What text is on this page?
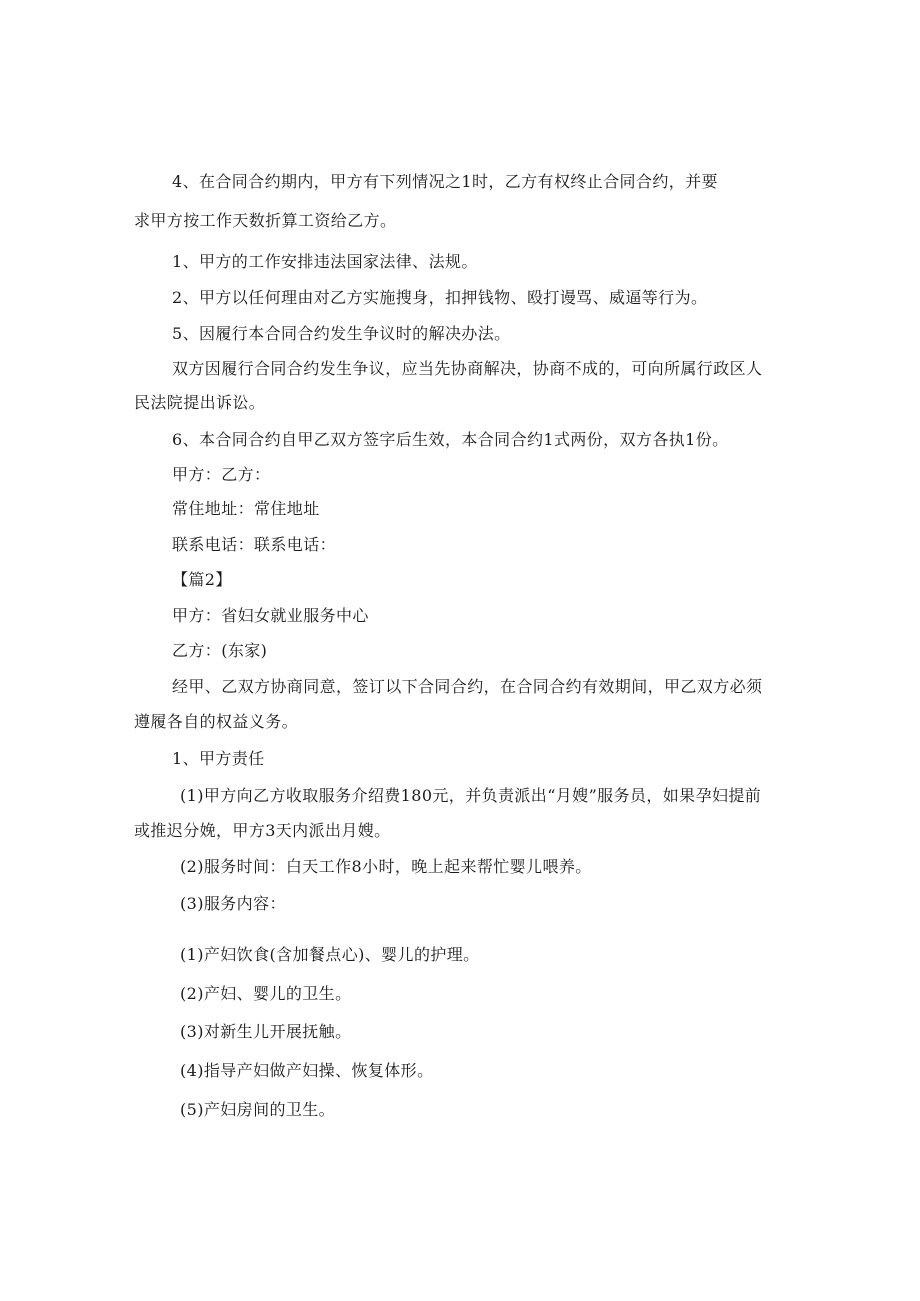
4、在合同合约期内，甲方有下列情况之1时，乙方有权终止合同合约，并要
求甲方按工作天数折算工资给乙方。
1、甲方的工作安排违法国家法律、法规。
2、甲方以任何理由对乙方实施搜身，扣押钱物、殴打谩骂、威逼等行为。
5、因履行本合同合约发生争议时的解决办法。
双方因履行合同合约发生争议，应当先协商解决，协商不成的，可向所属行政区人
民法院提出诉讼。
6、本合同合约自甲乙双方签字后生效，本合同合约1式两份，双方各执1份。
甲方：乙方：
常住地址：常住地址
联系电话：联系电话：
【篇2】
甲方：省妇女就业服务中心
乙方：(东家)
经甲、乙双方协商同意，签订以下合同合约，在合同合约有效期间，甲乙双方必须
遵履各自的权益义务。
1、甲方责任
(1)甲方向乙方收取服务介绍费180元，并负责派出“月嫂”服务员，如果孕妇提前
或推迟分娩，甲方3天内派出月嫂。
(2)服务时间：白天工作8小时，晚上起来帮忙婴儿喂养。
(3)服务内容：
(1)产妇饮食(含加餐点心)、婴儿的护理。
(2)产妇、婴儿的卫生。
(3)对新生儿开展抚触。
(4)指导产妇做产妇操、恢复体形。
(5)产妇房间的卫生。
